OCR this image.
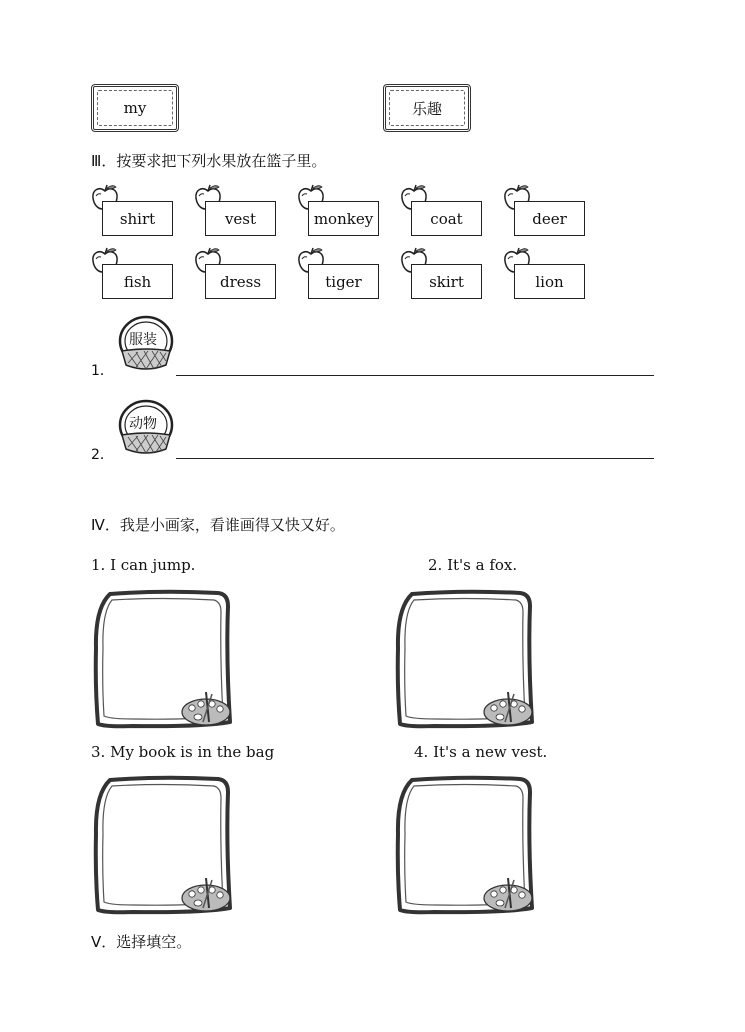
my	乐趣
Ⅲ．按要求把下列水果放在篮子里。
shirt	vest	monkey	coat	deer
fish	dress	tiger	skirt	lion
1．
服装
2．
动物
Ⅳ．我是小画家，看谁画得又快又好。
1. I can jump.	2. It's a fox.
3. My book is in the bag	4. It's a new vest.
Ⅴ．选择填空。
